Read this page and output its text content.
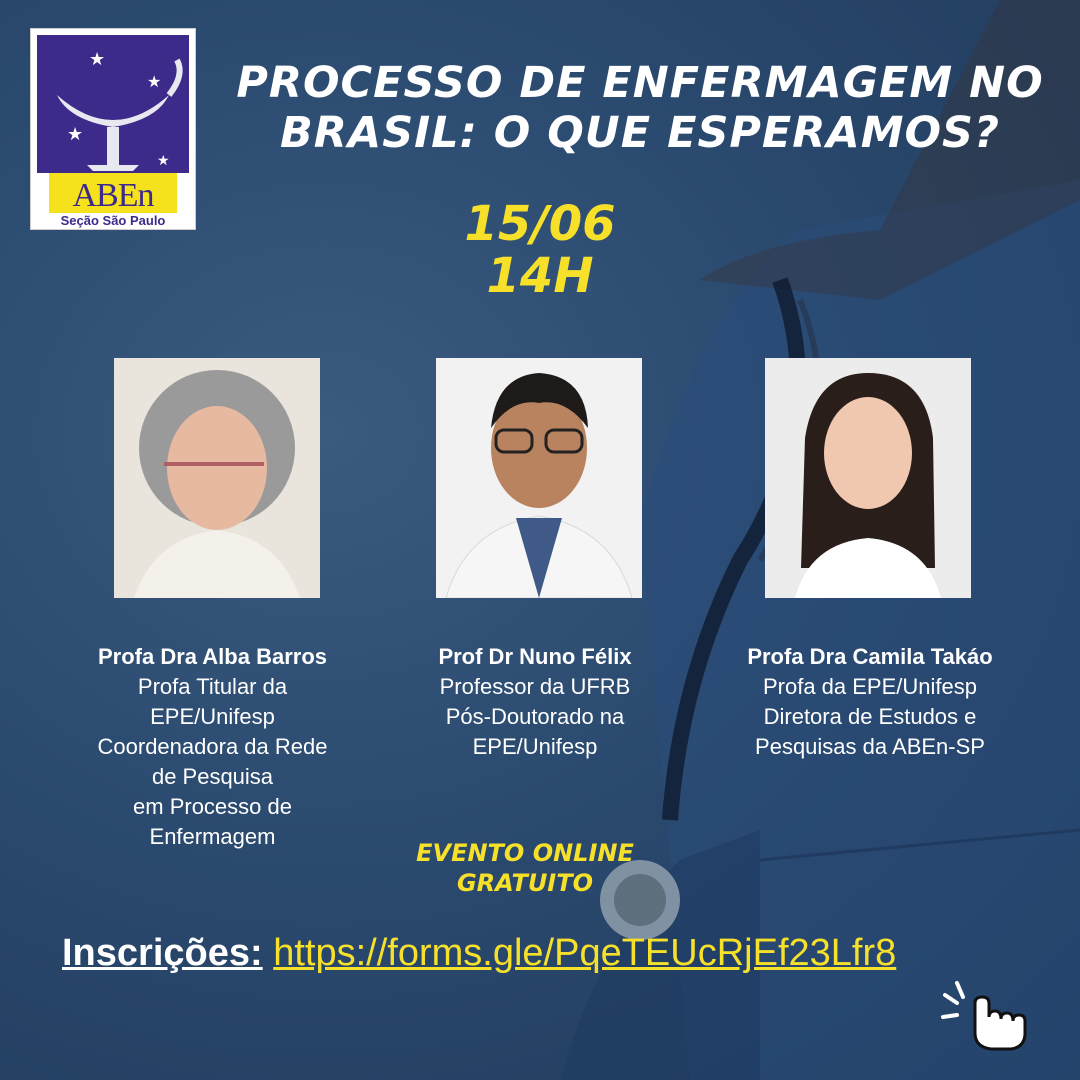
★
★
★
★
ABEn
Seção São Paulo
PROCESSO DE ENFERMAGEM NO BRASIL: O QUE ESPERAMOS?
15/06
14H
Profa Dra Alba Barros
Profa Titular da
EPE/Unifesp
Coordenadora da Rede
de Pesquisa
em Processo de
Enfermagem
Prof Dr Nuno Félix
Professor da UFRB
Pós-Doutorado na
EPE/Unifesp
Profa Dra Camila Takáo
Profa da EPE/Unifesp
Diretora de Estudos e
Pesquisas da ABEn-SP
EVENTO ONLINE
GRATUITO
Inscrições: https://forms.gle/PqeTEUcRjEf23Lfr8
